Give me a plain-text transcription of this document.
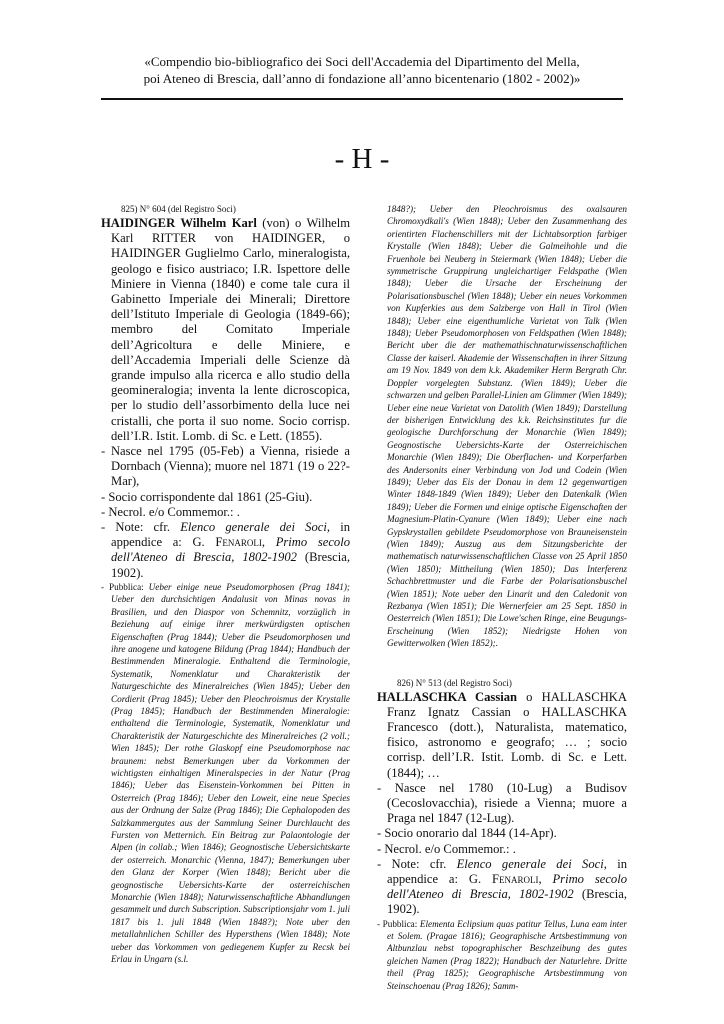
«Compendio bio-bibliografico dei Soci dell'Accademia del Dipartimento del Mella,
poi Ateneo di Brescia, dall’anno di fondazione all’anno bicentenario (1802 - 2002)»
- H -

825) N° 604 (del Registro Soci)

HAIDINGER Wilhelm Karl (von) o Wilhelm Karl RITTER von HAIDINGER, o HAIDINGER Guglielmo Carlo, mineralogista, geologo e fisico austriaco; I.R. Ispettore delle Miniere in Vienna (1840) e come tale cura il Gabinetto Imperiale dei Minerali; Direttore dell’Istituto Imperiale di Geologia (1849-66); membro del Comitato Imperiale dell’Agricoltura e delle Miniere, e dell’Accademia Imperiali delle Scienze dà grande impulso alla ricerca e allo studio della geomineralogia; inventa la lente dicroscopica, per lo studio dell’assorbimento della luce nei cristalli, che porta il suo nome. Socio corrisp. dell’I.R. Istit. Lomb. di Sc. e Lett. (1855).

- Nasce nel 1795 (05-Feb) a Vienna, risiede a Dornbach (Vienna); muore nel 1871 (19 o 22?-Mar),

- Socio corrispondente dal 1861 (25-Giu).

- Necrol. e/o Commemor.: .

- Note: cfr. Elenco generale dei Soci, in appendice a: G. Fenaroli, Primo secolo dell'Ateneo di Brescia, 1802-1902 (Brescia, 1902).

- Pubblica: Ueber einige neue Pseudomorphosen (Prag 1841); Ueber den durchsichtigen Andalusit von Minas novas in Brasilien, und den Diaspor von Schemnitz, vorzüglich in Beziehung auf einige ihrer merkwürdigsten optischen Eigenschaften (Prag 1844); Ueber die Pseudomorphosen und ihre anogene und katogene Bildung (Prag 1844); Handbuch der Bestimmenden Mineralogie. Enthaltend die Terminologie, Systematik, Nomenklatur und Charakteristik der Naturgeschichte des Mineralreiches (Wien 1845); Ueber den Cordierit (Prag 1845); Ueber den Pleochroismus der Krystalle (Prag 1845); Handbuch der Bestimmenden Mineralogie: enthaltend die Terminologie, Systematik, Nomenklatur und Charakteristik der Naturgeschichte des Mineralreiches (2 voll.; Wien 1845); Der rothe Glaskopf eine Pseudomorphose nac braunem: nebst Bemerkungen uber da Vorkommen der wichtigsten einhaltigen Mineralspecies in der Natur (Prag 1846); Ueber das Eisenstein-Vorkommen bei Pitten in Osterreich (Prag 1846); Ueber den Loweit, eine neue Species aus der Ordnung der Salze (Prag 1846); Die Cephalopoden des Salzkammergutes aus der Sammlung Seiner Durchlaucht des Fursten von Metternich. Ein Beitrag zur Palaontologie der Alpen (in collab.; Wien 1846); Geognostische Uebersichtskarte der osterreich. Monarchic (Vienna, 1847); Bemerkungen uber den Glanz der Korper (Wien 1848); Bericht uber die geognostische Uebersichts-Karte der osterreichischen Monarchie (Wien 1848); Naturwissenschaftliche Abhandlungen gesammelt und durch Subscription. Subscriptionsjahr vom 1. juli 1817 bis 1. juli 1848 (Wien 1848?); Note uber den metallahnlichen Schiller des Hypersthens (Wien 1848); Note ueber das Vorkommen von gediegenem Kupfer zu Recsk bei Erlau in Ungarn (s.l.

1848?); Ueber den Pleochroismus des oxalsauren Chromoxydkali's (Wien 1848); Ueber den Zusammenhang des orientirten Flachenschillers mit der Lichtabsorption farbiger Krystalle (Wien 1848); Ueber die Galmeihohle und die Fruenhole bei Neuberg in Steiermark (Wien 1848); Ueber die symmetrische Gruppirung ungleichartiger Feldspathe (Wien 1848); Ueber die Ursache der Erscheinung der Polarisationsbuschel (Wien 1848); Ueber ein neues Vorkommen von Kupferkies aus dem Salzberge von Hall in Tirol (Wien 1848); Ueber eine eigenthumliche Varietat von Talk (Wien 1848); Ueber Pseudomorphosen von Feldspathen (Wien 1848); Bericht uber die der mathemathischnaturwissenschaftlichen Classe der kaiserl. Akademie der Wissenschaften in ihrer Sitzung am 19 Nov. 1849 von dem k.k. Akademiker Herm Bergrath Chr. Doppler vorgelegten Substanz. (Wien 1849); Ueber die schwarzen und gelben Parallel-Linien am Glimmer (Wien 1849); Ueber eine neue Varietat von Datolith (Wien 1849); Darstellung der bisherigen Entwicklung des k.k. Reichsinstitutes fur die geologische Durchforschung der Monarchie (Wien 1849); Geognostische Uebersichts-Karte der Osterreichischen Monarchie (Wien 1849); Die Oberflachen- und Korperfarben des Andersonits einer Verbindung von Jod und Codein (Wien 1849); Ueber das Eis der Donau in dem 12 gegenwartigen Winter 1848-1849 (Wien 1849); Ueber den Datenkalk (Wien 1849); Ueber die Formen und einige optische Eigenschaften der Magnesium-Platin-Cyanure (Wien 1849); Ueber eine nach Gypskrystallen gebildete Pseudomorphose von Brauneisenstein (Wien 1849); Auszug aus dem Sitzungsberichte der mathematisch naturwissenschaftlichen Classe von 25 April 1850 (Wien 1850); Mittheilung (Wien 1850); Das Interferenz Schachbrettmuster und die Farbe der Polarisationsbuschel (Wien 1851); Note ueber den Linarit und den Caledonit von Rezbanya (Wien 1851); Die Wernerfeier am 25 Sept. 1850 in Oesterreich (Wien 1851); Die Lowe'schen Ringe, eine Beugungs-Erscheinung (Wien 1852); Niedrigste Hohen von Gewitterwolken (Wien 1852);.

826) N° 513 (del Registro Soci)

HALLASCHKA Cassian o HALLASCHKA Franz Ignatz Cassian o HALLASCHKA Francesco (dott.), Naturalista, matematico, fisico, astronomo e geografo; … ; socio corrisp. dell’I.R. Istit. Lomb. di Sc. e Lett. (1844); …

- Nasce nel 1780 (10-Lug) a Budisov (Cecoslovacchia), risiede a Vienna; muore a Praga nel 1847 (12-Lug).

- Socio onorario dal 1844 (14-Apr).

- Necrol. e/o Commemor.: .

- Note: cfr. Elenco generale dei Soci, in appendice a: G. Fenaroli, Primo secolo dell'Ateneo di Brescia, 1802-1902 (Brescia, 1902).

- Pubblica: Elementa Eclipsium quas patitur Tellus, Luna eam inter et Solem. (Pragae 1816); Geographische Artsbestimmung von Altbunzlau nebst topographischer Beschzeibung des gutes gleichen Namen (Prag 1822); Handbuch der Naturlehre. Dritte theil (Prag 1825); Geographische Artsbestimmung von Steinschoenau (Prag 1826); Samm-
